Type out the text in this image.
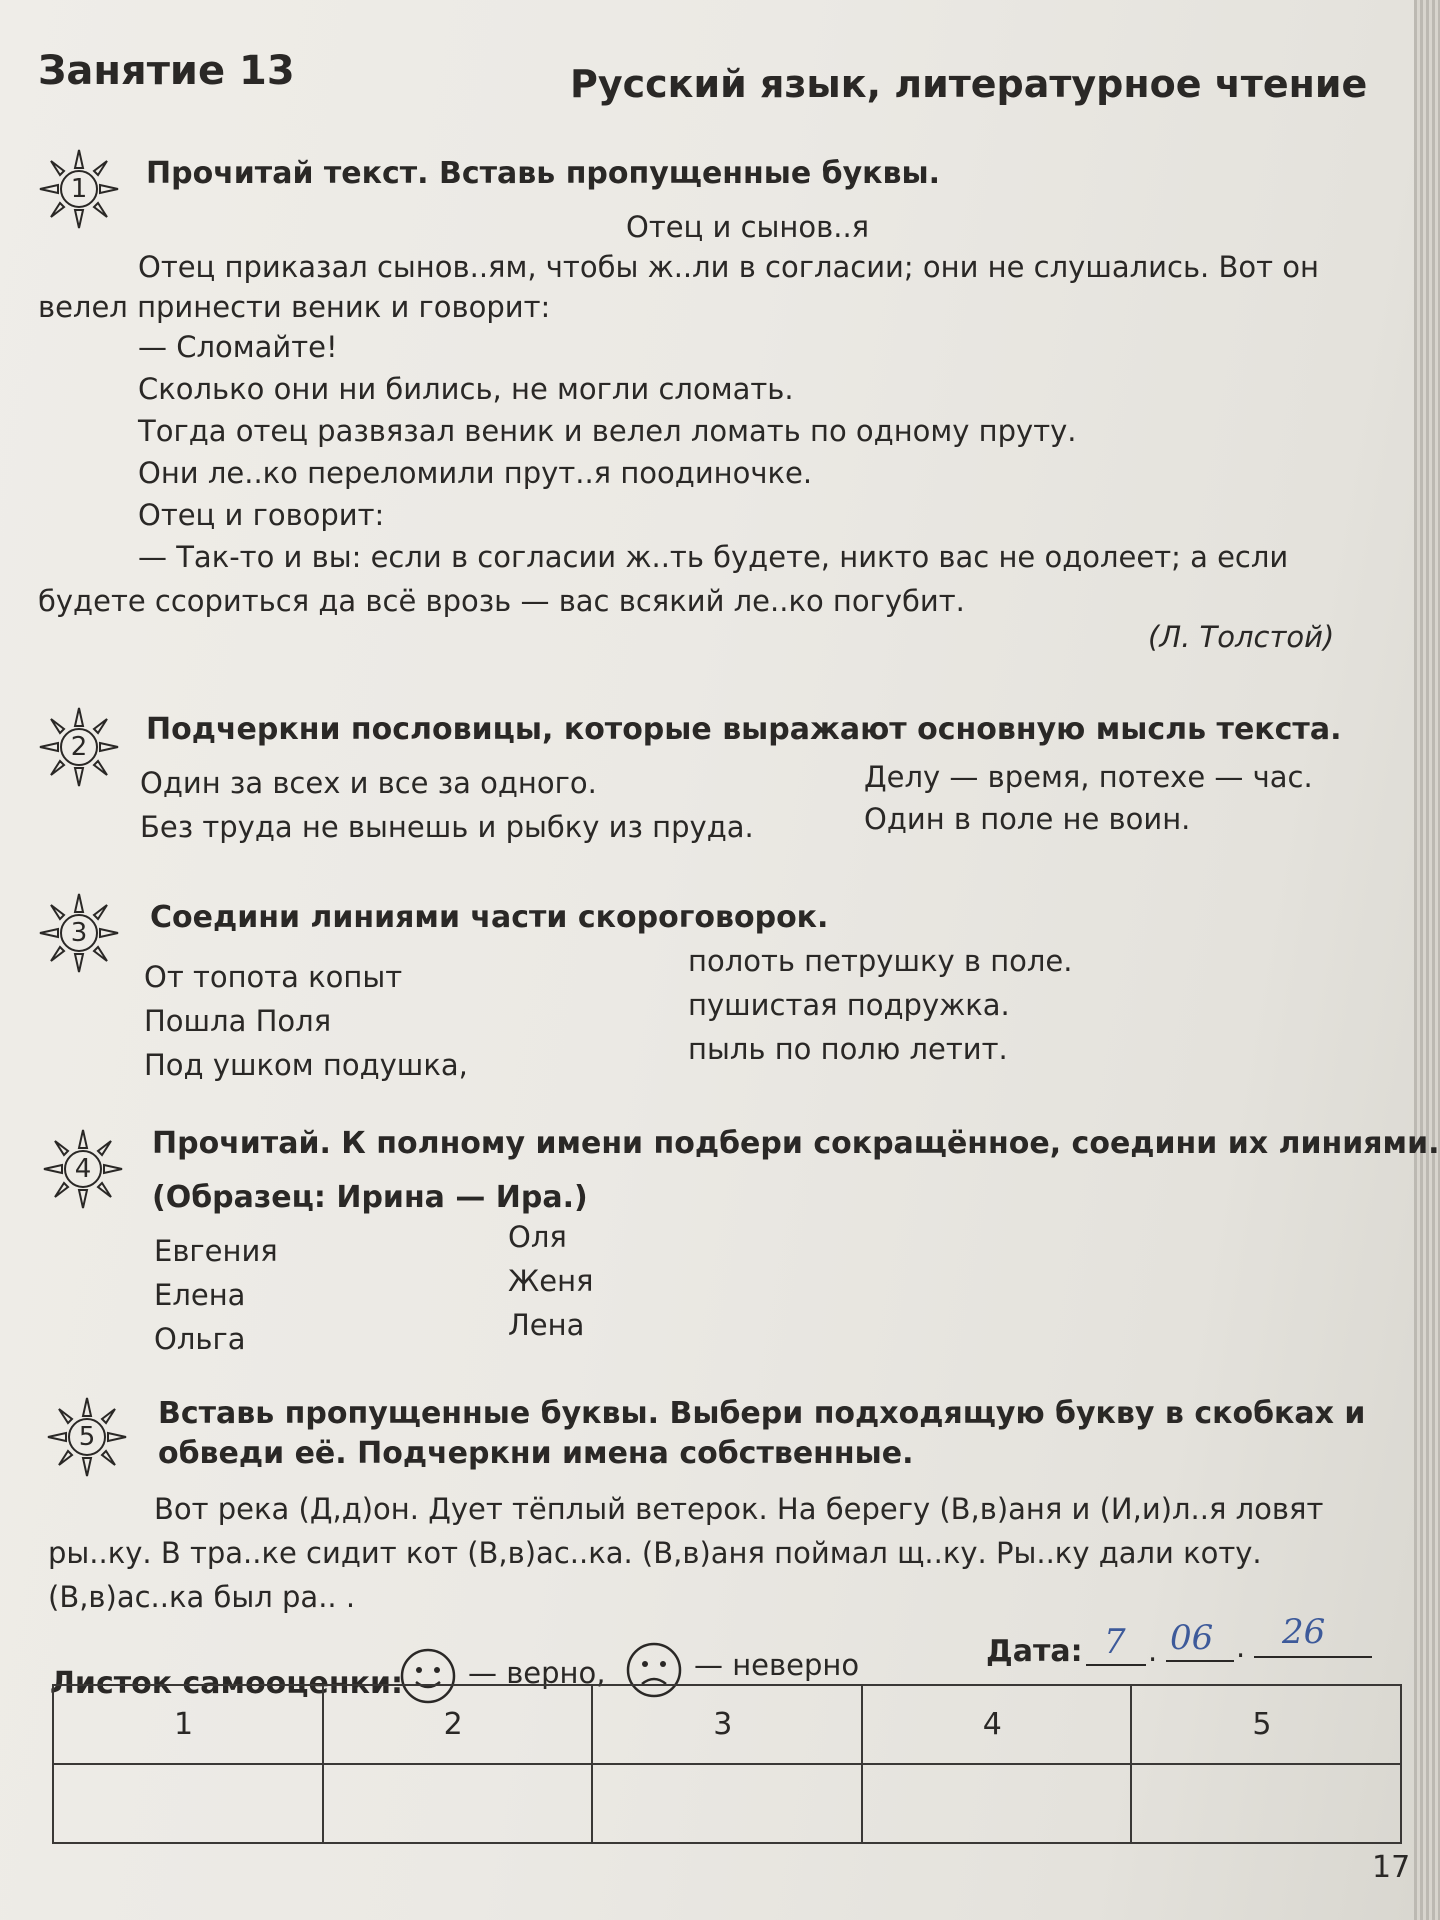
Занятие 13	Русский язык, литературное чтение
1	Прочитай текст. Вставь пропущенные буквы.
Отец и сынов..я
Отец приказал сынов..ям, чтобы ж..ли в согласии; они не слушались. Вот он
велел принести веник и говорит:
— Сломайте!
Сколько они ни бились, не могли сломать.
Тогда отец развязал веник и велел ломать по одному пруту.
Они ле..ко переломили прут..я поодиночке.
Отец и говорит:
— Так-то и вы: если в согласии ж..ть будете, никто вас не одолеет; а если
будете ссориться да всё врозь — вас всякий ле..ко погубит.
(Л. Толстой)
2	Подчеркни пословицы, которые выражают основную мысль текста.
Один за всех и все за одного.
Без труда не вынешь и рыбку из пруда.
Делу — время, потехе — час.
Один в поле не воин.
3	Соедини линиями части скороговорок.
От топота копыт
Пошла Поля
Под ушком подушка,
полоть петрушку в поле.
пушистая подружка.
пыль по полю летит.
4
Прочитай. К полному имени подбери сокращённое, соедини их линиями.
(Образец: Ирина — Ира.)
Евгения
Елена
Ольга
Оля
Женя
Лена
5
Вставь пропущенные буквы. Выбери подходящую букву в скобках и
обведи её. Подчеркни имена собственные.
Вот река (Д,д)он. Дует тёплый ветерок. На берегу (В,в)аня и (И,и)л..я ловят
ры..ку. В тра..ке сидит кот (В,в)ас..ка. (В,в)аня поймал щ..ку. Ры..ку дали коту.
(В,в)ас..ка был ра.. .
Листок самооценки: — верно,	— неверно	Дата: 7 . 06 . 26
1	2	3	4	5

17
